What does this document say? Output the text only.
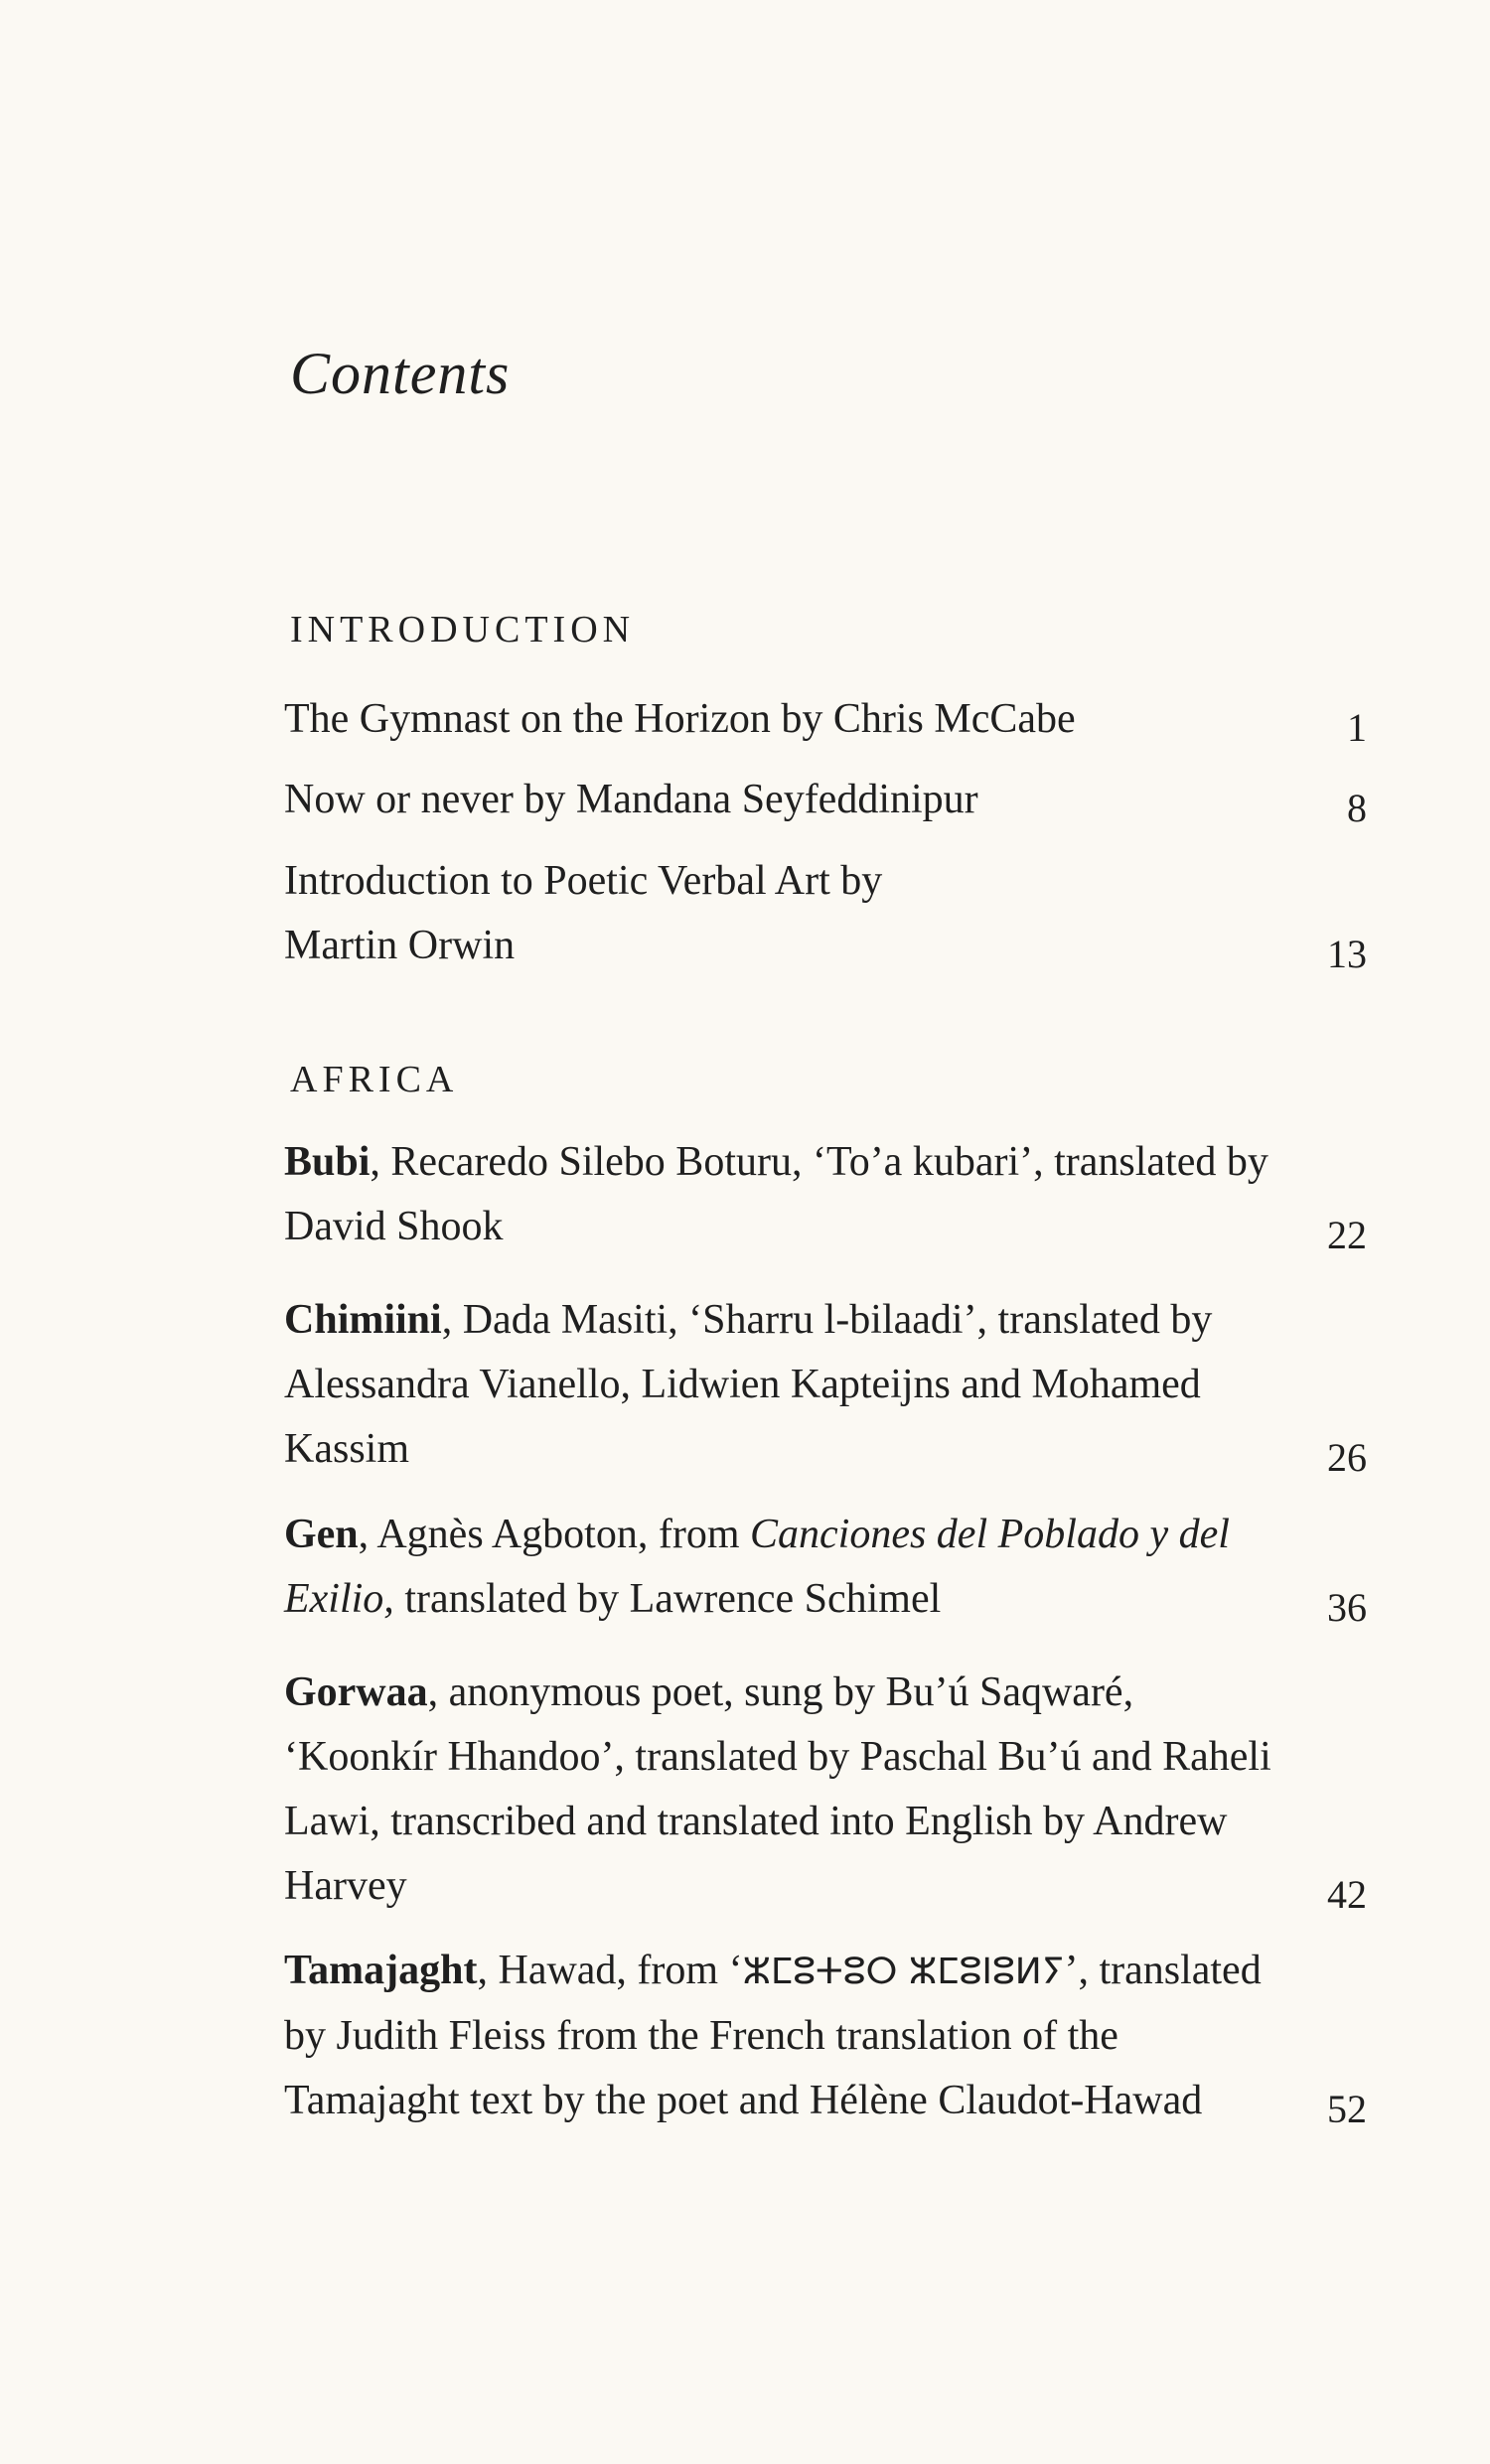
Contents
INTRODUCTION
The Gymnast on the Horizon by Chris McCabe	1
Now or never by Mandana Seyfeddinipur	8
Introduction to Poetic Verbal Art by
Martin Orwin	13
AFRICA
Bubi, Recaredo Silebo Boturu, ‘To’a kubari’, translated by David Shook	22
Chimiini, Dada Masiti, ‘Sharru l-bilaadi’, translated by Alessandra Vianello, Lidwien Kapteijns and Mohamed Kassim	26
Gen, Agnès Agboton, from Canciones del Poblado y del Exilio, translated by Lawrence Schimel	36
Gorwaa, anonymous poet, sung by Bu’ú Saqwaré, ‘Koonkír Hhandoo’, translated by Paschal Bu’ú and Raheli Lawi, transcribed and translated into English by Andrew Harvey	42
Tamajaght, Hawad, from ‘ⵣⵎⵓⵜⵓⵔ ⵣⵎⵓⵏⵓⵍⵢ’, translated by Judith Fleiss from the French translation of the Tamajaght text by the poet and Hélène Claudot-Hawad	52
